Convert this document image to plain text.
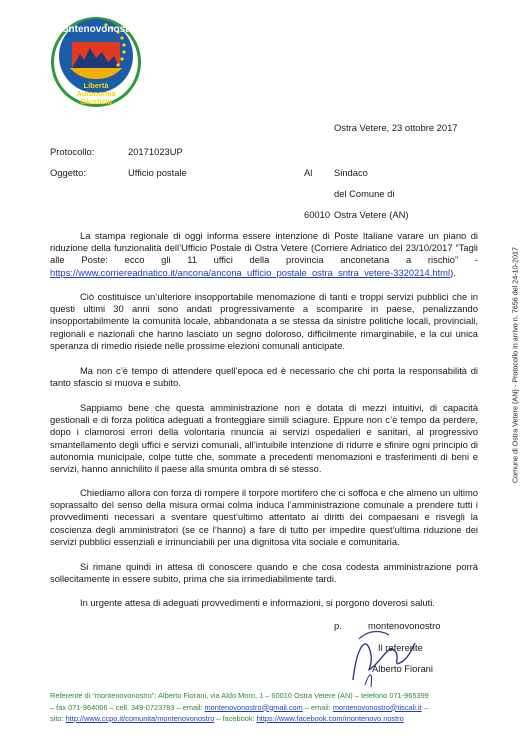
montenovonostro
Libertà
Autonomia
Giustizia
Comune di Ostra Vetere (AN) - Protocollo in arrivo n. 7656 del 24-10-2017
Ostra Vetere, 23 ottobre 2017
Protocollo:	20171023UP
Oggetto:	Ufficio postale	Al Sindaco
del Comune di
60010 Ostra Vetere (AN)

La stampa regionale di oggi informa essere intenzione di Poste Italiane varare un piano di riduzione della funzionalità dell’Ufficio Postale di Ostra Vetere (Corriere Adriatico del 23/10/2017 “Tagli alle Poste: ecco gli 11 uffici della provincia anconetana a rischio” - https://www.corriereadriatico.it/ancona/ancona_ufficio_postale_ostra_sntra_vetere-3320214.html).

Ciò costituisce un’ulteriore insopportabile menomazione di tanti e troppi servizi pubblici che in questi ultimi 30 anni sono andati progressivamente a scomparire in paese, penalizzando insopportabilmente la comunità locale, abbandonata a se stessa da sinistre politiche locali, provinciali, regionali e nazionali che hanno lasciato un segno doloroso, difficilmente rimarginabile, e la cui unica speranza di rimedio risiede nelle prossime elezioni comunali anticipate.

Ma non c’è tempo di attendere quell’epoca ed è necessario che chi porta la responsabilità di tanto sfascio si muova e subito.

Sappiamo bene che questa amministrazione non è dotata di mezzi intuitivi, di capacità gestionali e di forza politica adeguati a fronteggiare simili sciagure. Eppure non c’è tempo da perdere, dopo i clamorosi errori della volontaria rinuncia ai servizi ospedalieri e sanitari, al progressivo smantellamento degli uffici e servizi comunali, all’intuibile intenzione di ridurre e sfinire ogni principio di autonomia municipale, colpe tutte che, sommate a precedenti menomazioni e trasferimenti di beni e servizi, hanno annichilito il paese alla smunta ombra di sé stesso.

Chiediamo allora con forza di rompere il torpore mortifero che ci soffoca e che almeno un ultimo soprassalto del senso della misura ormai colma induca l’amministrazione comunale a prendere tutti i provvedimenti necessari a sventare quest’ultimo attentato ai diritti dei compaesani e risvegli la coscienza degli amministratori (se ce l’hanno) a fare di tutto per impedire quest’ultima riduzione dei servizi pubblici essenziali e irrinunciabili per una dignitosa vita sociale e comunitaria.

Si rimane quindi in attesa di conoscere quando e che cosa codesta amministrazione porrà sollecitamente in essere subito, prima che sia irrimediabilmente tardi.

In urgente attesa di adeguati provvedimenti e informazioni, si porgono doverosi saluti.

p.	montenovonostro
Il referente
Alberto Fiorani
Referente di “montenovonostro”: Alberto Fiorani, via Aldo Moro, 1 – 60010 Ostra Vetere (AN) – telefono 071-965399
– fax 071-964066 – cell. 349-0723783 – email: montenovonostro@gmail.com – email: montenovonostro@tiscali.it –
sito: http://www.ccpo.it/comunita/montenovonostro – facebook: https://www.facebook.com/montenovo.nostro
